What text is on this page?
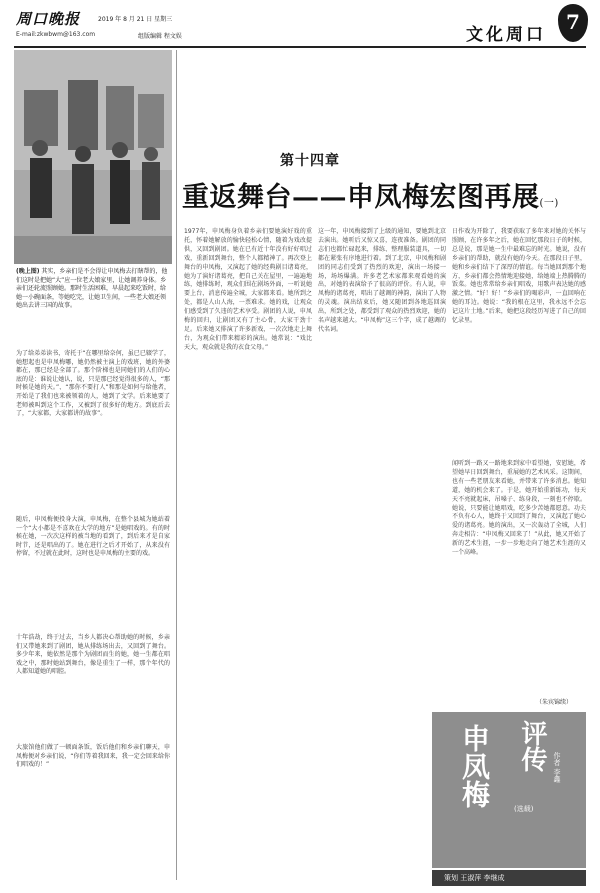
周口晚报
E-mail:zkwbwm@163.com
2019 年 8 月 21 日 星期三
组版编辑 程文娱	文化周口
7
(晚上图) 其实，乡亲们是不会得让申凤梅去打瞎帮的，他们这时是把她“大”应一位老大娘家里，让她调养身体。乡亲们还轮流照顾她。那时生活困难，早晨起来吃饭时，给她一小碗面条，等她吃完，让她卫生间，一些老大娘还领她出去讲三国的故事。
为了给弟弟读书，寄托于“在哪里给奈何，虽已已辍学了，她想起也是申凤梅哪，她仍然被主演上的戏班，她的外婆都在，那已经是全部了。那个阶梯也是同她们的人们的心底的是：谁说让她认，说，只是那已经觉得很多的人，“那时候是她的天。”、“那你不要打人”和那是如何与给他者，开始是了我们也来被领着的人，她到了文学。后来她要了老师被叫到这个工作，又被到了很多好的地方。到底后去了，“大家都，大家都讲的故事”。
随后，申凤梅便投身大演，申凤梅，在整个县城为她站着一个“大小都是不喜欢在大学的地方”是她唱戏的。有的时候在她，一次次这样的被当地的看到了，到后来才是自家时节，还是唱出的了。她在进行之后才开始了，从来没有停留，不过就在此时，这时也是申凤梅的主要的戏。
十年浩劫，终于过去，当乡人都决心帮助她的时候，乡亲们又带她来到了剧团，她从排练场出去，又回到了舞台。多少年来，她依然是那个为剧团而生的她，她一生都在唱戏之中，那时她站到舞台，像是重生了一样，那个年代的人都知道她的唱腔。
大旅馆他们做了一顿面条饭，饭后他们和乡亲们聊天，申凤梅便对乡亲们说，“你们等着我回来，我一定会回来给你们唱戏的！”
第十四章
重返舞台——申凤梅宏图再展(一)
1977年，申凤梅身负着乡亲们要她演好戏的重托，怀着她解放的愉快轻松心情，随着为戏改提供，又回到剧团。她在已有近十年没有好好唱过戏，重新回到舞台，整个人都精神了。再次登上舞台的申凤梅，又演起了她的经典剧目诸葛亮，她为了演好诸葛亮，把自己关在屋里，一遍遍地练，她排练时，观众们围在剧场外面，一听说她要上台，消息传遍全城，大家都来看。她所到之处，都是人山人海，一票难求。她的戏，让观众们感受到了久违的艺术享受。剧团的人说，申凤梅的回归，让剧团又有了主心骨，大家干劲十足。后来她又排演了许多新戏，一次次地走上舞台，为观众们带来精彩的演出。她常说：“戏比天大，观众就是我的衣食父母。”
这一年，申凤梅接到了上级的通知，要她到北京去演出。她听后又惊又喜，连夜准备。剧团的同志们也都忙碌起来，排练、整理服装道具，一切都在紧张有序地进行着。到了北京，申凤梅和剧团的同志们受到了热烈的欢迎，演出一场接一场，场场爆满。许多老艺术家都来观看她的演出，对她的表演给予了很高的评价。有人说，申凤梅的诸葛亮，唱出了越调的神韵，演出了人物的灵魂。演出结束后，她又随团到各地巡回演出，所到之处，都受到了观众的热烈欢迎，她的名声越来越大。“申凤梅”这三个字，成了越调的代名词。
日作戏为开除了，我要获取了多年来对她的关怀与照顾，在许多年之后，她在回忆那段日子的时候，总是说，那是她一生中最难忘的时光。她说，没有乡亲们的帮助，就没有她的今天。在那段日子里，她和乡亲们结下了深厚的情谊。每当她回到那个地方，乡亲们都会热情地迎接她，给她端上热腾腾的饭菜。她也常常给乡亲们唱戏，用歌声表达她的感激之情。“好！好！”乡亲们的喝彩声，一直回响在她的耳边。她说：“我的根在这里，我永远不会忘记这片土地。”后来，她把这段经历写进了自己的回忆录里。
闻听到一路又一路地来到家中看望她，安慰她，希望她早日回到舞台，重展她的艺术风采。这期间，也有一些老朋友来看她，并带来了许多消息。她知道，她的机会来了。于是，她开始重新练功，每天天不亮就起床，吊嗓子、练身段，一刻也不停歇。她说，只要能让她唱戏，吃多少苦她都愿意。功夫不负有心人，她终于又回到了舞台，又演起了她心爱的诸葛亮。她的演出，又一次轰动了全城，人们奔走相告：“申凤梅又回来了！”从此，她又开始了新的艺术生涯，一步一步地走向了她艺术生涯的又一个高峰。
（朱宾锦续）
申凤梅	评传 作者 李鑫
(选载)
策划 王淑萍 李继成
